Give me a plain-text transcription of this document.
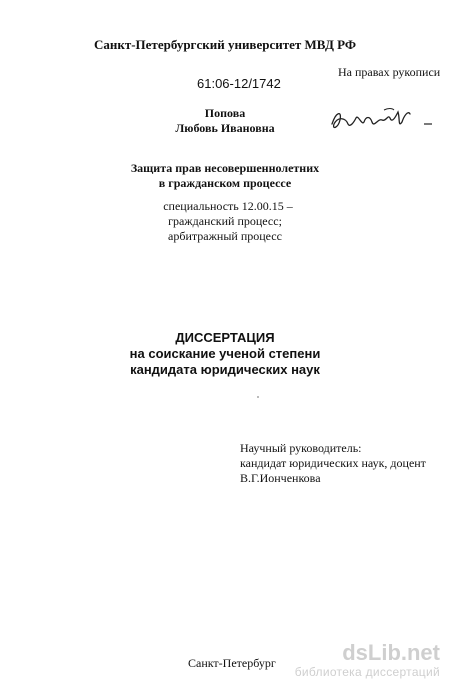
Санкт-Петербургский университет МВД РФ
61:06-12/1742
На правах рукописи
Попова
Любовь Ивановна
Защита прав несовершеннолетних
в гражданском процессе
специальность 12.00.15 –
гражданский процесс;
арбитражный процесс
ДИССЕРТАЦИЯ
на соискание ученой степени
кандидата юридических наук
Научный руководитель:
кандидат юридических наук, доцент
В.Г.Ионченкова
Санкт-Петербург	dsLib.net
библиотека диссертаций
